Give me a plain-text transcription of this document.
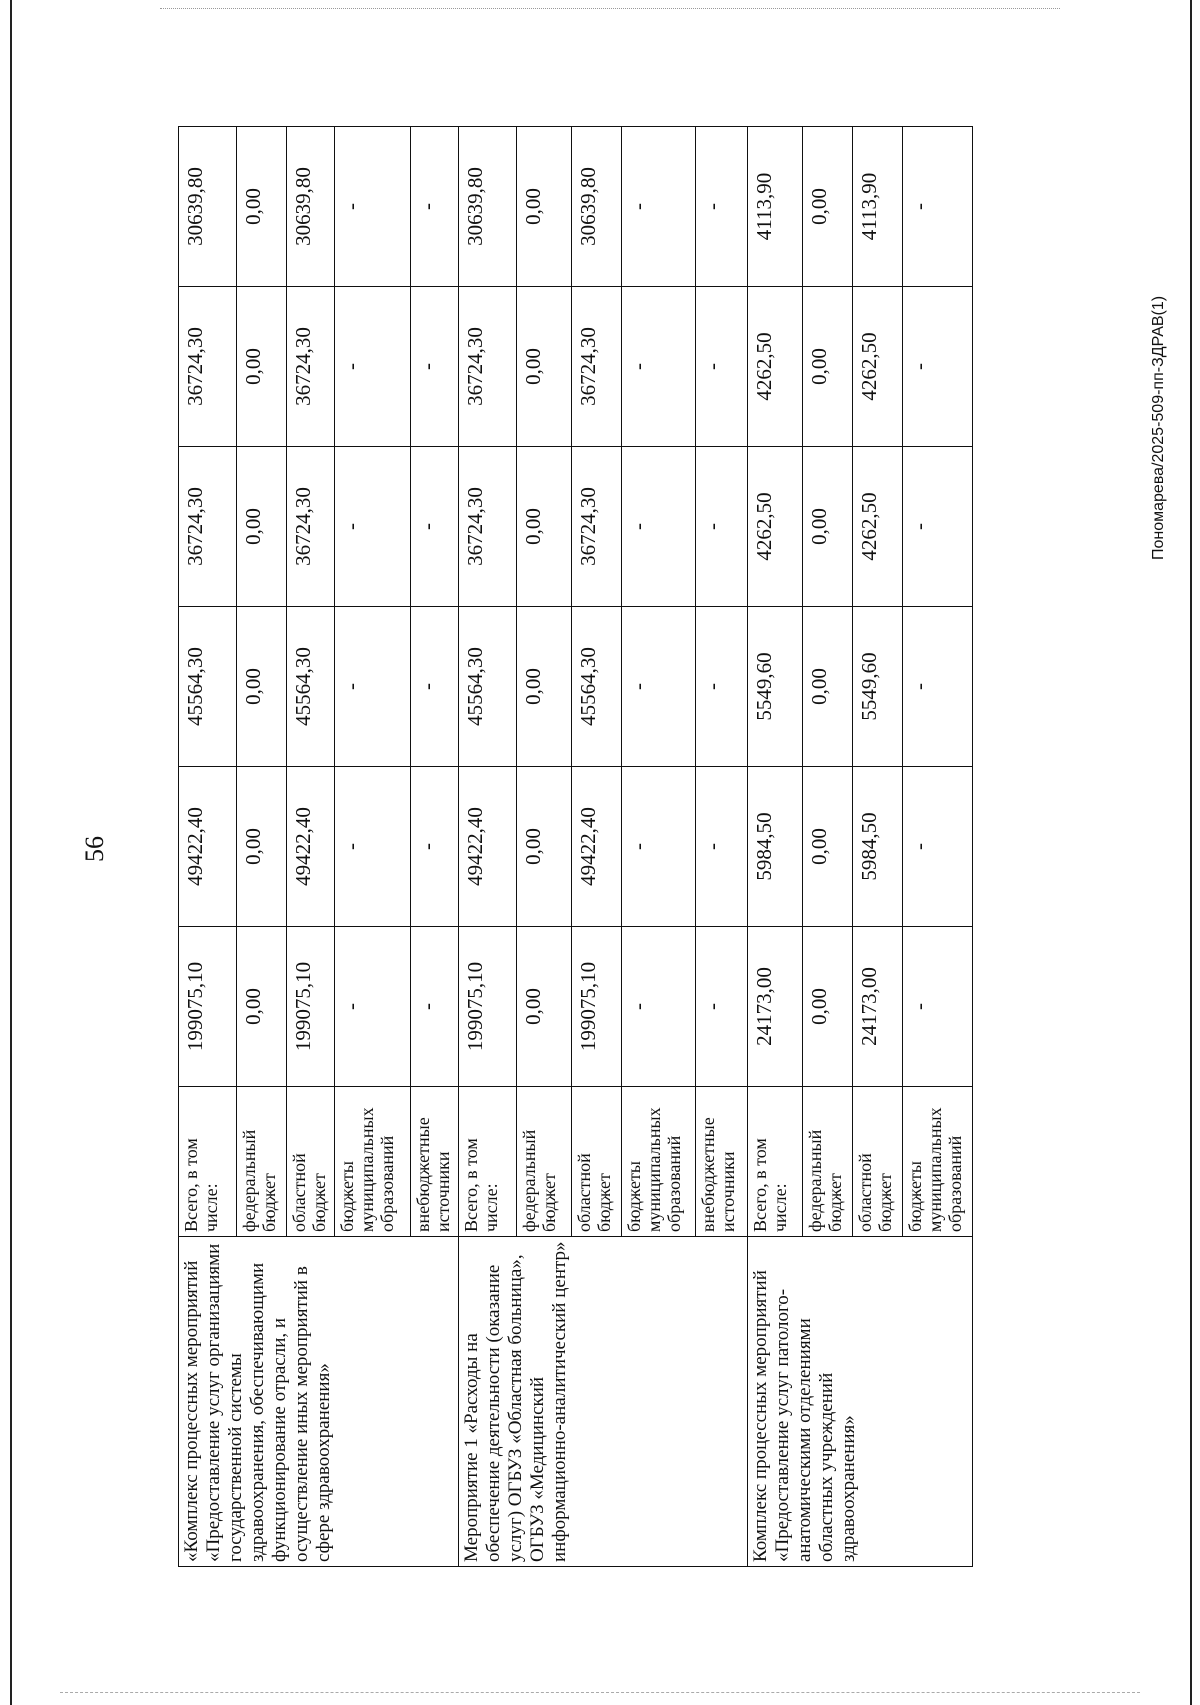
56
«Комплекс процессных мероприятий «Предоставление услуг организациями государственной системы здравоохранения, обеспечивающими функционирование отрасли, и осуществление иных мероприятий в сфере здравоохранения»	Всего, в том числе:	199075,10	49422,40	45564,30	36724,30	36724,30	30639,80
	федеральный бюджет	0,00	0,00	0,00	0,00	0,00	0,00
	областной бюджет	199075,10	49422,40	45564,30	36724,30	36724,30	30639,80
	бюджеты муниципальных образований	-	-	-	-	-	-
	внебюджетные источники	-	-	-	-	-	-
Мероприятие 1 «Расходы на обеспечение деятельности (оказание услуг) ОГБУЗ «Областная больница», ОГБУЗ «Медицинский информационно-аналитический центр»	Всего, в том числе:	199075,10	49422,40	45564,30	36724,30	36724,30	30639,80
	федеральный бюджет	0,00	0,00	0,00	0,00	0,00	0,00
	областной бюджет	199075,10	49422,40	45564,30	36724,30	36724,30	30639,80
	бюджеты муниципальных образований	-	-	-	-	-	-
	внебюджетные источники	-	-	-	-	-	-
Комплекс процессных мероприятий «Предоставление услуг патолого-анатомическими отделениями областных учреждений здравоохранения»	Всего, в том числе:	24173,00	5984,50	5549,60	4262,50	4262,50	4113,90
	федеральный бюджет	0,00	0,00	0,00	0,00	0,00	0,00
	областной бюджет	24173,00	5984,50	5549,60	4262,50	4262,50	4113,90
	бюджеты муниципальных образований	-	-	-	-	-	-
Пономарева/2025-509-пп-ЗДРАВ(1)
